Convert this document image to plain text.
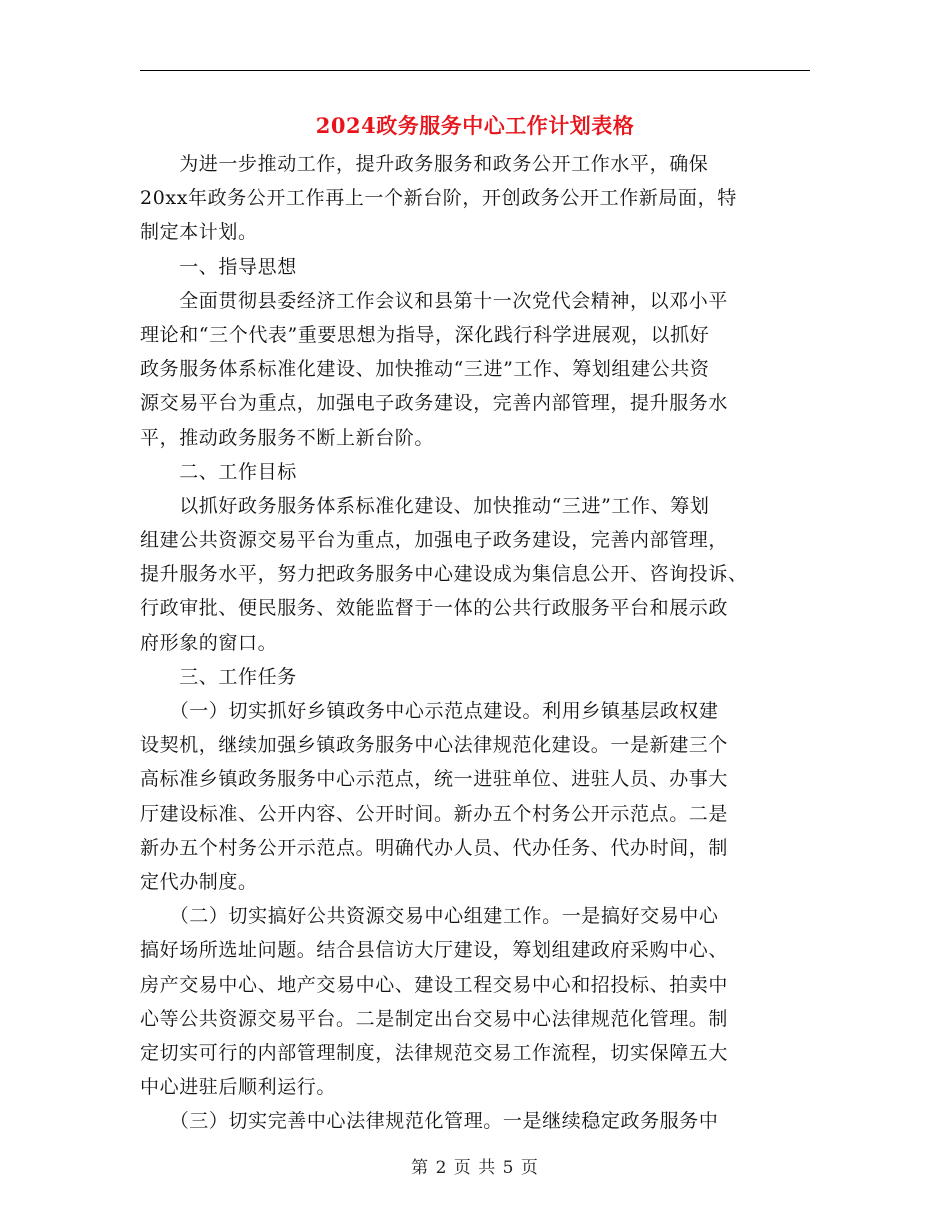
2024政务服务中心工作计划表格
　　为进一步推动工作，提升政务服务和政务公开工作水平，确保
20xx年政务公开工作再上一个新台阶，开创政务公开工作新局面，特
制定本计划。
　　一、指导思想
　　全面贯彻县委经济工作会议和县第十一次党代会精神，以邓小平
理论和“三个代表”重要思想为指导，深化践行科学进展观，以抓好
政务服务体系标准化建设、加快推动“三进”工作、筹划组建公共资
源交易平台为重点，加强电子政务建设，完善内部管理，提升服务水
平，推动政务服务不断上新台阶。
　　二、工作目标
　　以抓好政务服务体系标准化建设、加快推动“三进”工作、筹划
组建公共资源交易平台为重点，加强电子政务建设，完善内部管理，
提升服务水平，努力把政务服务中心建设成为集信息公开、咨询投诉、
行政审批、便民服务、效能监督于一体的公共行政服务平台和展示政
府形象的窗口。
　　三、工作任务
　　（一）切实抓好乡镇政务中心示范点建设。利用乡镇基层政权建
设契机，继续加强乡镇政务服务中心法律规范化建设。一是新建三个
高标准乡镇政务服务中心示范点，统一进驻单位、进驻人员、办事大
厅建设标准、公开内容、公开时间。新办五个村务公开示范点。二是
新办五个村务公开示范点。明确代办人员、代办任务、代办时间，制
定代办制度。
　　（二）切实搞好公共资源交易中心组建工作。一是搞好交易中心
搞好场所选址问题。结合县信访大厅建设，筹划组建政府采购中心、
房产交易中心、地产交易中心、建设工程交易中心和招投标、拍卖中
心等公共资源交易平台。二是制定出台交易中心法律规范化管理。制
定切实可行的内部管理制度，法律规范交易工作流程，切实保障五大
中心进驻后顺利运行。
　　（三）切实完善中心法律规范化管理。一是继续稳定政务服务中
第 2 页 共 5 页
